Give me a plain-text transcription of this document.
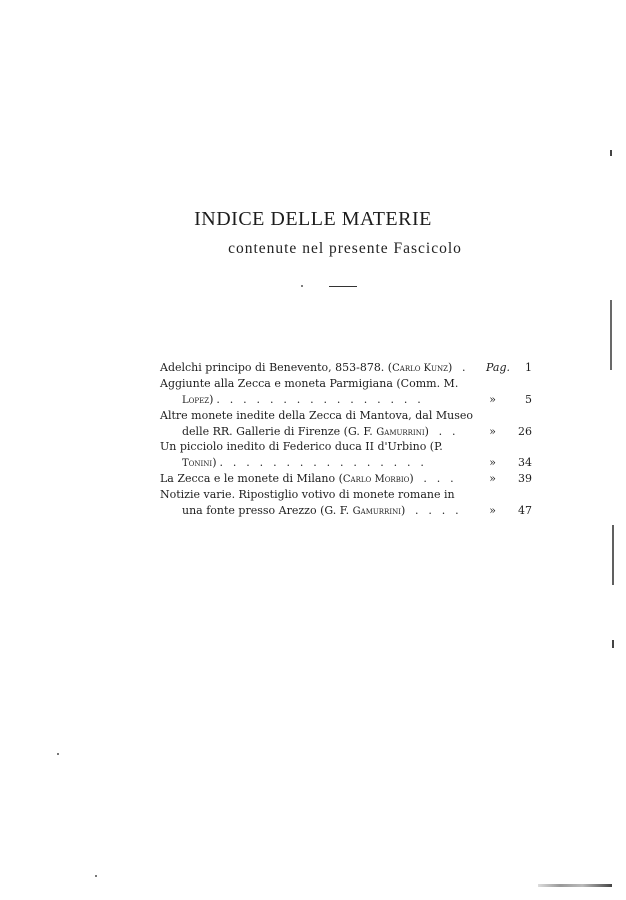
INDICE DELLE MATERIE
contenute nel presente Fascicolo
Adelchi principo di Benevento, 853-878. (Carlo Kunz) . Pag.	1
Aggiunte alla Zecca e moneta Parmigiana (Comm. M.
Lopez) . . . . . . . . . . . . . . . .	»	5
Altre monete inedite della Zecca di Mantova, dal Museo
delle RR. Gallerie di Firenze (G. F. Gamurrini) . .	»	26
Un picciolo inedito di Federico duca II d'Urbino (P.
Tonini) . . . . . . . . . . . . . . . .	»	34
La Zecca e le monete di Milano (Carlo Morbio) . . .	»	39
Notizie varie. Ripostiglio votivo di monete romane in
una fonte presso Arezzo (G. F. Gamurrini) . . . . »	47
